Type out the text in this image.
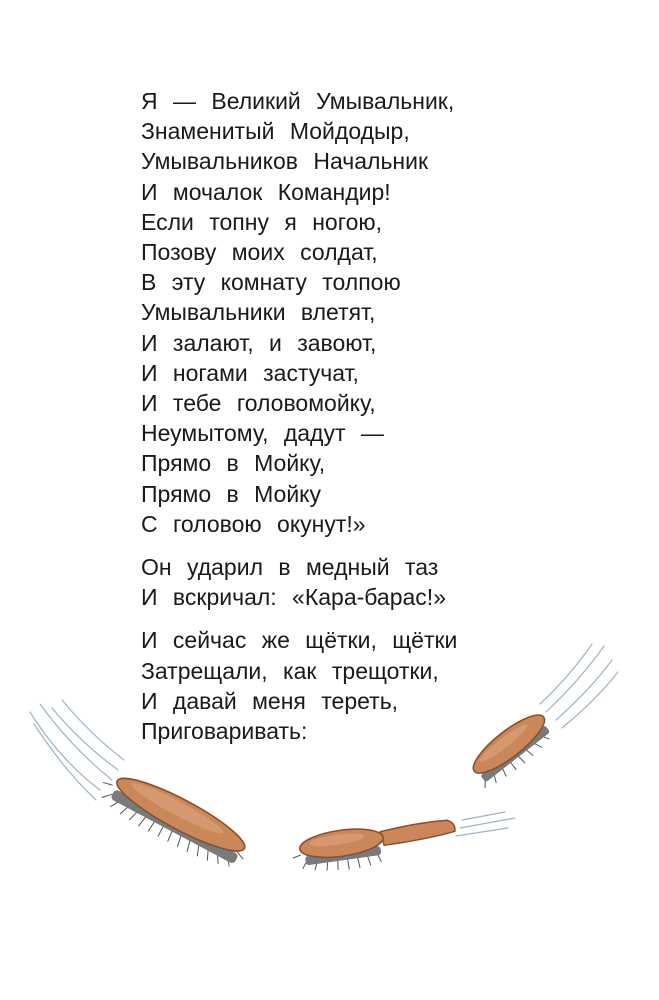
Я — Великий Умывальник,
Знаменитый Мойдодыр,
Умывальников Начальник
И мочалок Командир!
Если топну я ногою,
Позову моих солдат,
В эту комнату толпою
Умывальники влетят,
И залают, и завоют,
И ногами застучат,
И тебе головомойку,
Неумытому, дадут —
Прямо в Мойку,
Прямо в Мойку
С головою окунут!»

Он ударил в медный таз
И вскричал: «Кара-барас!»

И сейчас же щётки, щётки
Затрещали, как трещотки,
И давай меня тереть,
Приговаривать:
